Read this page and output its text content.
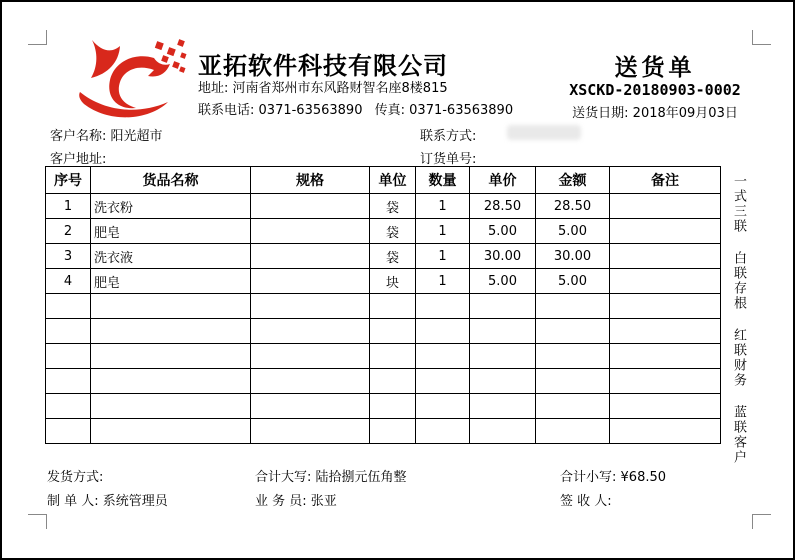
亚拓软件科技有限公司
地址: 河南省郑州市东风路财智名座8楼815
联系电话: 0371-63563890 传真: 0371-63563890
送货单
XSCKD-20180903-0002
送货日期: 2018年09月03日
客户名称: 阳光超市
客户地址:
联系方式:
订货单号:
序号	货品名称	规格	单位	数量	单价	金额	备注
1	洗衣粉		袋	1	28.50	28.50	
2	肥皂		袋	1	5.00	5.00	
3	洗衣液		袋	1	30.00	30.00	
4	肥皂		块	1	5.00	5.00	

								一式三联 白联存根 红联财务 蓝联客户
发货方式:	合计大写: 陆拾捌元伍角整	合计小写: ¥68.50
制 单 人: 系统管理员	业 务 员: 张亚	签 收 人:
